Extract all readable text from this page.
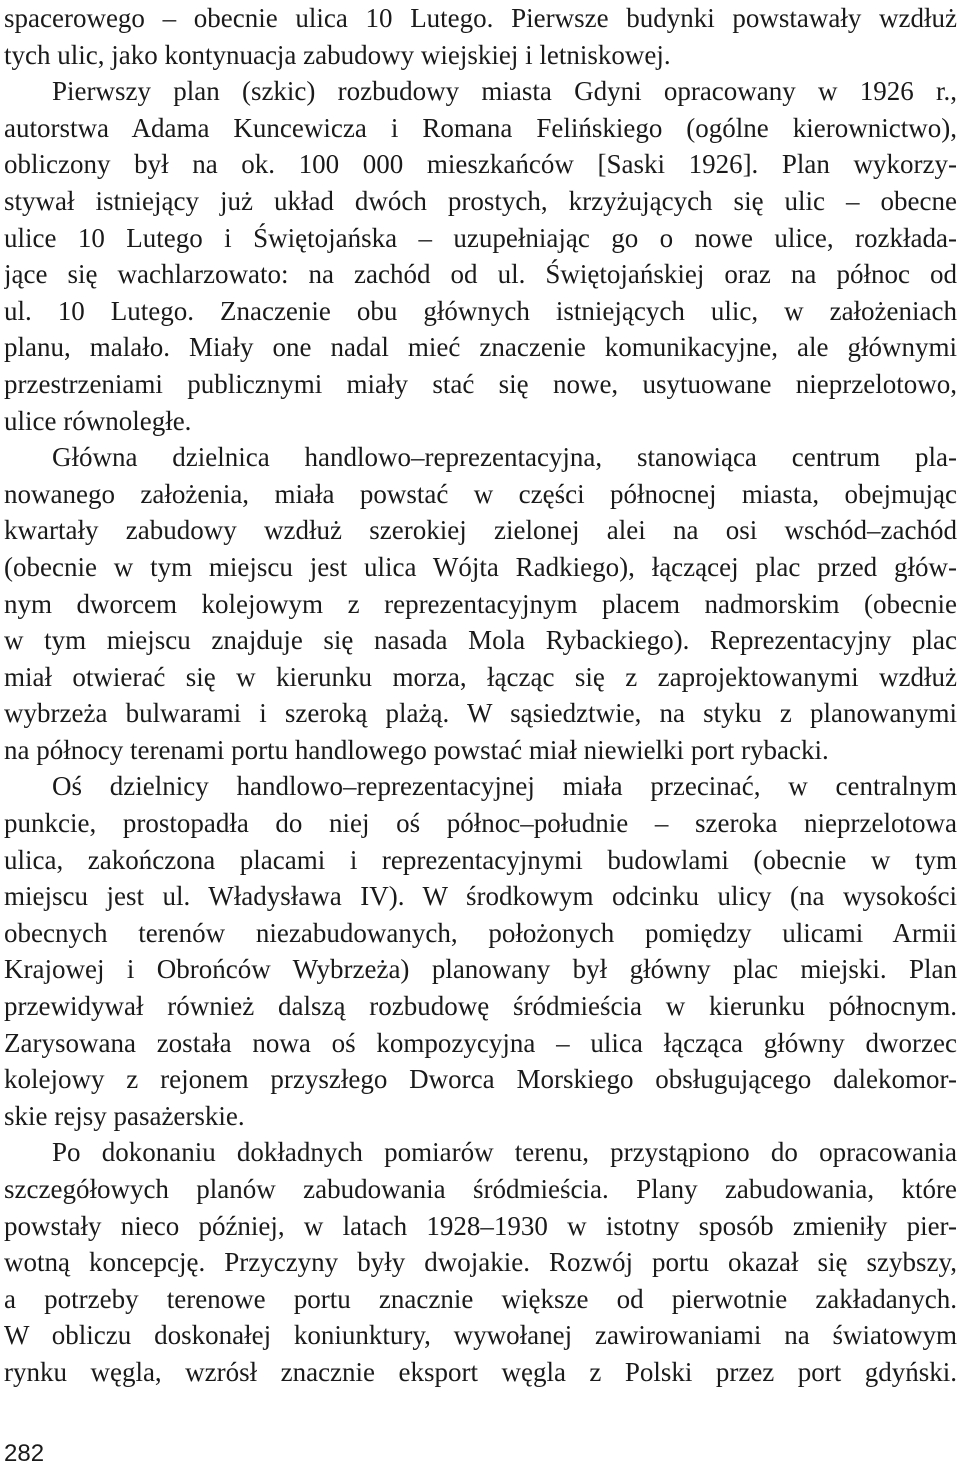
spacerowego – obecnie ulica 10 Lutego. Pierwsze budynki powstawały wzdłuż
tych ulic, jako kontynuacja zabudowy wiejskiej i letniskowej.
Pierwszy plan (szkic) rozbudowy miasta Gdyni opracowany w 1926 r.,
autorstwa Adama Kuncewicza i Romana Felińskiego (ogólne kierownictwo),
obliczony był na ok. 100 000 mieszkańców [Saski 1926]. Plan wykorzy-
stywał istniejący już układ dwóch prostych, krzyżujących się ulic – obecne
ulice 10 Lutego i Świętojańska – uzupełniając go o nowe ulice, rozkłada-
jące się wachlarzowato: na zachód od ul. Świętojańskiej oraz na północ od
ul. 10 Lutego. Znaczenie obu głównych istniejących ulic, w założeniach
planu, malało. Miały one nadal mieć znaczenie komunikacyjne, ale głównymi
przestrzeniami publicznymi miały stać się nowe, usytuowane nieprzelotowo,
ulice równoległe.
Główna dzielnica handlowo–reprezentacyjna, stanowiąca centrum pla-
nowanego założenia, miała powstać w części północnej miasta, obejmując
kwartały zabudowy wzdłuż szerokiej zielonej alei na osi wschód–zachód
(obecnie w tym miejscu jest ulica Wójta Radkiego), łączącej plac przed głów-
nym dworcem kolejowym z reprezentacyjnym placem nadmorskim (obecnie
w tym miejscu znajduje się nasada Mola Rybackiego). Reprezentacyjny plac
miał otwierać się w kierunku morza, łącząc się z zaprojektowanymi wzdłuż
wybrzeża bulwarami i szeroką plażą. W sąsiedztwie, na styku z planowanymi
na północy terenami portu handlowego powstać miał niewielki port rybacki.
Oś dzielnicy handlowo–reprezentacyjnej miała przecinać, w centralnym
punkcie, prostopadła do niej oś północ–południe – szeroka nieprzelotowa
ulica, zakończona placami i reprezentacyjnymi budowlami (obecnie w tym
miejscu jest ul. Władysława IV). W środkowym odcinku ulicy (na wysokości
obecnych terenów niezabudowanych, położonych pomiędzy ulicami Armii
Krajowej i Obrońców Wybrzeża) planowany był główny plac miejski. Plan
przewidywał również dalszą rozbudowę śródmieścia w kierunku północnym.
Zarysowana została nowa oś kompozycyjna – ulica łącząca główny dworzec
kolejowy z rejonem przyszłego Dworca Morskiego obsługującego dalekomor-
skie rejsy pasażerskie.
Po dokonaniu dokładnych pomiarów terenu, przystąpiono do opracowania
szczegółowych planów zabudowania śródmieścia. Plany zabudowania, które
powstały nieco później, w latach 1928–1930 w istotny sposób zmieniły pier-
wotną koncepcję. Przyczyny były dwojakie. Rozwój portu okazał się szybszy,
a potrzeby terenowe portu znacznie większe od pierwotnie zakładanych.
W obliczu doskonałej koniunktury, wywołanej zawirowaniami na światowym
rynku węgla, wzrósł znacznie eksport węgla z Polski przez port gdyński.
282
